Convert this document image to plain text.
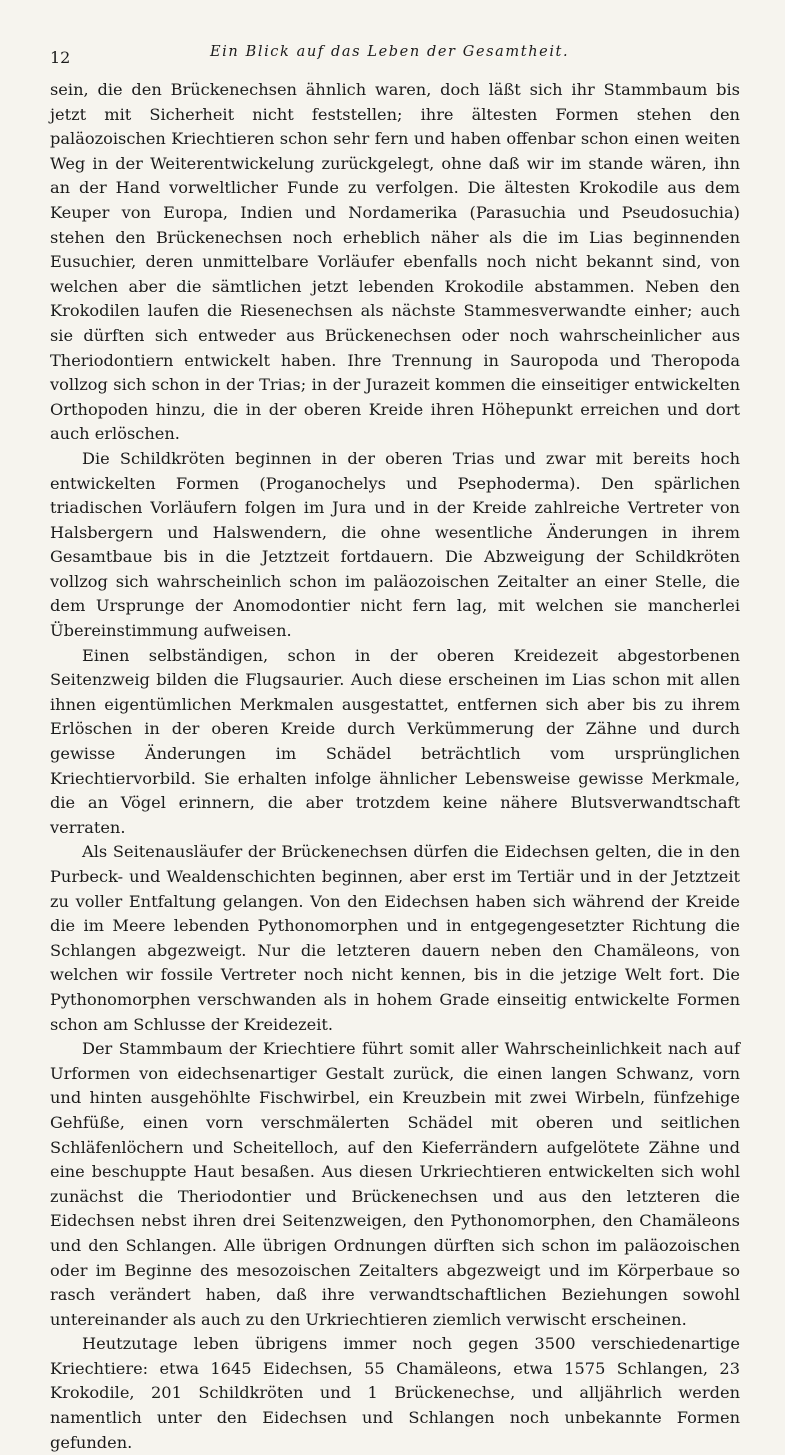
12	Ein Blick auf das Leben der Gesamtheit.

sein, die den Brückenechsen ähnlich waren, doch läßt sich ihr Stammbaum bis jetzt mit Sicherheit nicht feststellen; ihre ältesten Formen stehen den paläozoischen Kriechtieren schon sehr fern und haben offenbar schon einen weiten Weg in der Weiterentwickelung zurückgelegt, ohne daß wir im stande wären, ihn an der Hand vorweltlicher Funde zu verfolgen. Die ältesten Krokodile aus dem Keuper von Europa, Indien und Nordamerika (Parasuchia und Pseudosuchia) stehen den Brückenechsen noch erheblich näher als die im Lias beginnenden Eusuchier, deren unmittelbare Vorläufer ebenfalls noch nicht bekannt sind, von welchen aber die sämtlichen jetzt lebenden Krokodile abstammen. Neben den Krokodilen laufen die Riesenechsen als nächste Stammesverwandte einher; auch sie dürften sich entweder aus Brückenechsen oder noch wahrscheinlicher aus Theriodontiern entwickelt haben. Ihre Trennung in Sauropoda und Theropoda vollzog sich schon in der Trias; in der Jurazeit kommen die einseitiger entwickelten Orthopoden hinzu, die in der oberen Kreide ihren Höhepunkt erreichen und dort auch erlöschen.

Die Schildkröten beginnen in der oberen Trias und zwar mit bereits hoch entwickelten Formen (Proganochelys und Psephoderma). Den spärlichen triadischen Vorläufern folgen im Jura und in der Kreide zahlreiche Vertreter von Halsbergern und Halswendern, die ohne wesentliche Änderungen in ihrem Gesamtbaue bis in die Jetztzeit fortdauern. Die Abzweigung der Schildkröten vollzog sich wahrscheinlich schon im paläozoischen Zeitalter an einer Stelle, die dem Ursprunge der Anomodontier nicht fern lag, mit welchen sie mancherlei Übereinstimmung aufweisen.

Einen selbständigen, schon in der oberen Kreidezeit abgestorbenen Seitenzweig bilden die Flugsaurier. Auch diese erscheinen im Lias schon mit allen ihnen eigentümlichen Merkmalen ausgestattet, entfernen sich aber bis zu ihrem Erlöschen in der oberen Kreide durch Verkümmerung der Zähne und durch gewisse Änderungen im Schädel beträchtlich vom ursprünglichen Kriechtiervorbild. Sie erhalten infolge ähnlicher Lebensweise gewisse Merkmale, die an Vögel erinnern, die aber trotzdem keine nähere Blutsverwandtschaft verraten.

Als Seitenausläufer der Brückenechsen dürfen die Eidechsen gelten, die in den Purbeck- und Wealdenschichten beginnen, aber erst im Tertiär und in der Jetztzeit zu voller Entfaltung gelangen. Von den Eidechsen haben sich während der Kreide die im Meere lebenden Pythonomorphen und in entgegengesetzter Richtung die Schlangen abgezweigt. Nur die letzteren dauern neben den Chamäleons, von welchen wir fossile Vertreter noch nicht kennen, bis in die jetzige Welt fort. Die Pythonomorphen verschwanden als in hohem Grade einseitig entwickelte Formen schon am Schlusse der Kreidezeit.

Der Stammbaum der Kriechtiere führt somit aller Wahrscheinlichkeit nach auf Urformen von eidechsenartiger Gestalt zurück, die einen langen Schwanz, vorn und hinten ausgehöhlte Fischwirbel, ein Kreuzbein mit zwei Wirbeln, fünfzehige Gehfüße, einen vorn verschmälerten Schädel mit oberen und seitlichen Schläfenlöchern und Scheitelloch, auf den Kieferrändern aufgelötete Zähne und eine beschuppte Haut besaßen. Aus diesen Urkriechtieren entwickelten sich wohl zunächst die Theriodontier und Brückenechsen und aus den letzteren die Eidechsen nebst ihren drei Seitenzweigen, den Pythonomorphen, den Chamäleons und den Schlangen. Alle übrigen Ordnungen dürften sich schon im paläozoischen oder im Beginne des mesozoischen Zeitalters abgezweigt und im Körperbaue so rasch verändert haben, daß ihre verwandtschaftlichen Beziehungen sowohl untereinander als auch zu den Urkriechtieren ziemlich verwischt erscheinen.

Heutzutage leben übrigens immer noch gegen 3500 verschiedenartige Kriechtiere: etwa 1645 Eidechsen, 55 Chamäleons, etwa 1575 Schlangen, 23 Krokodile, 201 Schildkröten und 1 Brückenechse, und alljährlich werden namentlich unter den Eidechsen und Schlangen noch unbekannte Formen gefunden.
